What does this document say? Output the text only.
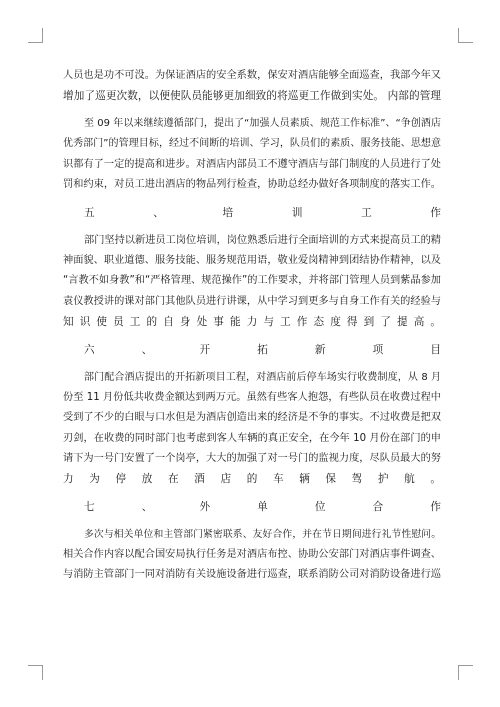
人员也是功不可没。为保证酒店的安全系数，保安对酒店能够全面巡查，我部今年又

增加了巡更次数，以便使队员能够更加细致的将巡更工作做到实处。 内部的管理

至 09 年以来继续遵循部门，提出了“加强人员素质、规范工作标准”、“争创酒店

优秀部门”的管理目标，经过不间断的培训、学习，队员们的素质、服务技能、思想意

识都有了一定的提高和进步。对酒店内部员工不遵守酒店与部门制度的人员进行了处

罚和约束，对员工进出酒店的物品列行检查，协助总经办做好各项制度的落实工作。

五、培训工作

部门坚持以新进员工岗位培训，岗位熟悉后进行全面培训的方式来提高员工的精

神面貌、职业道德、服务技能、服务规范用语，敬业爱岗精神到团结协作精神，以及

“言教不如身教”和“严格管理、规范操作”的工作要求，并将部门管理人员到紫晶参加

袁仪教授讲的课对部门其他队员进行讲课，从中学习到更多与自身工作有关的经验与

知识使员工的自身处事能力与工作态度得到了提高。

六、开拓新项目

部门配合酒店提出的开拓新项目工程，对酒店前后停车场实行收费制度，从 8 月

份至 11 月份低共收费金额达到两万元。虽然有些客人抱怨，有些队员在收费过程中

受到了不少的白眼与口水但是为酒店创造出来的经济是不争的事实。不过收费是把双

刃剑，在收费的同时部门也考虑到客人车辆的真正安全，在今年 10 月份在部门的申

请下为一号门安置了一个岗亭，大大的加强了对一号门的监视力度，尽队员最大的努

力为停放在酒店的车辆保驾护航。

七、外单位合作

多次与相关单位和主管部门紧密联系、友好合作，并在节日期间进行礼节性慰问。

相关合作内容以配合国安局执行任务是对酒店布控、协助公安部门对酒店事件调查、

与消防主管部门一同对消防有关设施设备进行巡查，联系消防公司对消防设备进行巡
